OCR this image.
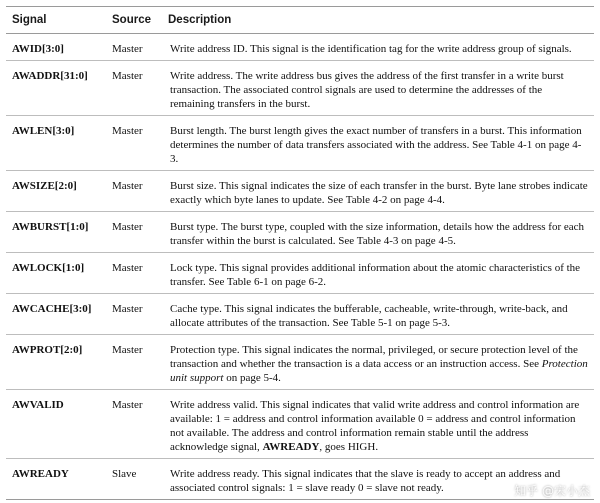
Signal	Source	Description
AWID[3:0]	Master	Write address ID. This signal is the identification tag for the write address group of signals.
AWADDR[31:0]	Master	Write address. The write address bus gives the address of the first transfer in a write burst transaction. The associated control signals are used to determine the addresses of the remaining transfers in the burst.
AWLEN[3:0]	Master	Burst length. The burst length gives the exact number of transfers in a burst. This information determines the number of data transfers associated with the address. See Table 4-1 on page 4-3.
AWSIZE[2:0]	Master	Burst size. This signal indicates the size of each transfer in the burst. Byte lane strobes indicate exactly which byte lanes to update. See Table 4-2 on page 4-4.
AWBURST[1:0]	Master	Burst type. The burst type, coupled with the size information, details how the address for each transfer within the burst is calculated. See Table 4-3 on page 4-5.
AWLOCK[1:0]	Master	Lock type. This signal provides additional information about the atomic characteristics of the transfer. See Table 6-1 on page 6-2.
AWCACHE[3:0]	Master	Cache type. This signal indicates the bufferable, cacheable, write-through, write-back, and allocate attributes of the transaction. See Table 5-1 on page 5-3.
AWPROT[2:0]	Master	Protection type. This signal indicates the normal, privileged, or secure protection level of the transaction and whether the transaction is a data access or an instruction access. See Protection unit support on page 5-4.
AWVALID	Master	Write address valid. This signal indicates that valid write address and control information are available: 1 = address and control information available 0 = address and control information not available. The address and control information remain stable until the address acknowledge signal, AWREADY, goes HIGH.
AWREADY	Slave	Write address ready. This signal indicates that the slave is ready to accept an address and associated control signals: 1 = slave ready 0 = slave not ready.	知乎 @宋小杰
